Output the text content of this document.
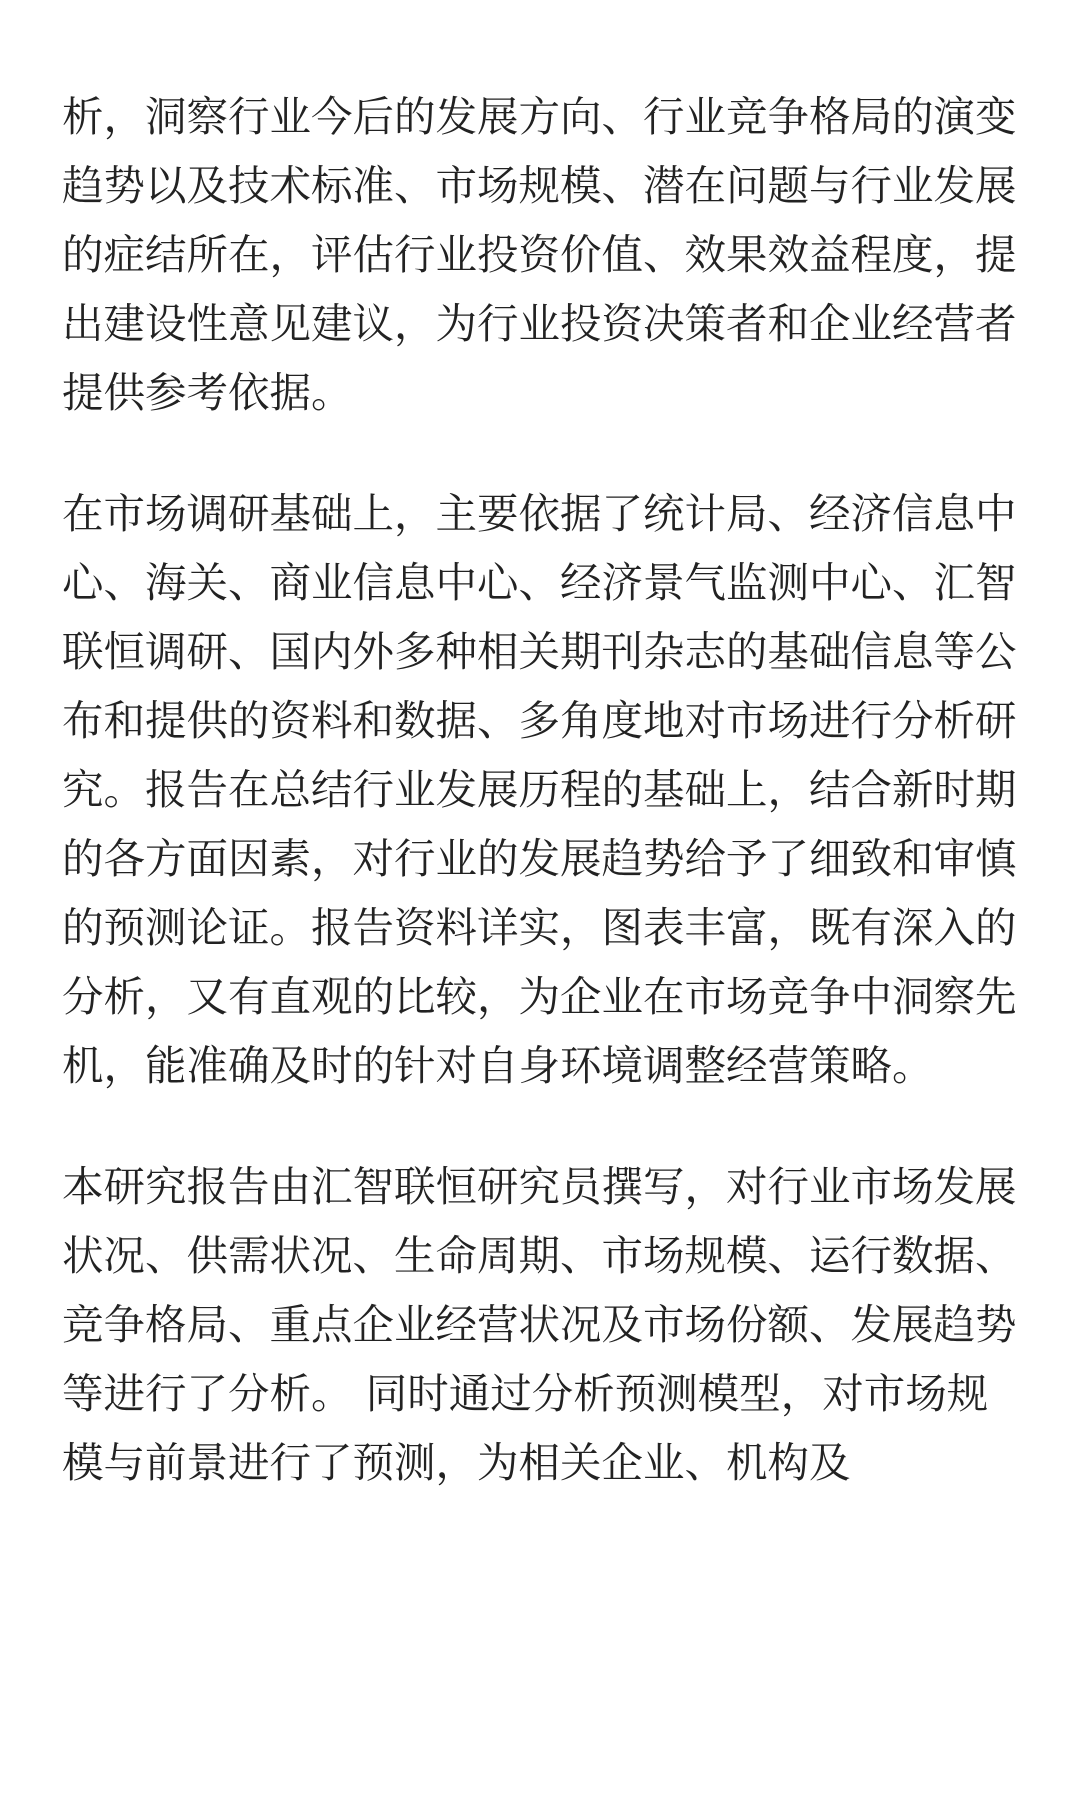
析，洞察行业今后的发展方向、行业竞争格局的演变趋势以及技术标准、市场规模、潜在问题与行业发展的症结所在，评估行业投资价值、效果效益程度，提出建设性意见建议，为行业投资决策者和企业经营者提供参考依据。

在市场调研基础上，主要依据了统计局、经济信息中心、海关、商业信息中心、经济景气监测中心、汇智联恒调研、国内外多种相关期刊杂志的基础信息等公布和提供的资料和数据、多角度地对市场进行分析研究。报告在总结行业发展历程的基础上，结合新时期的各方面因素，对行业的发展趋势给予了细致和审慎的预测论证。报告资料详实，图表丰富，既有深入的分析，又有直观的比较，为企业在市场竞争中洞察先机，能准确及时的针对自身环境调整经营策略。

本研究报告由汇智联恒研究员撰写，对行业市场发展状况、供需状况、生命周期、市场规模、运行数据、竞争格局、重点企业经营状况及市场份额、发展趋势等进行了分析。 同时通过分析预测模型，对市场规模与前景进行了预测，为相关企业、机构及
